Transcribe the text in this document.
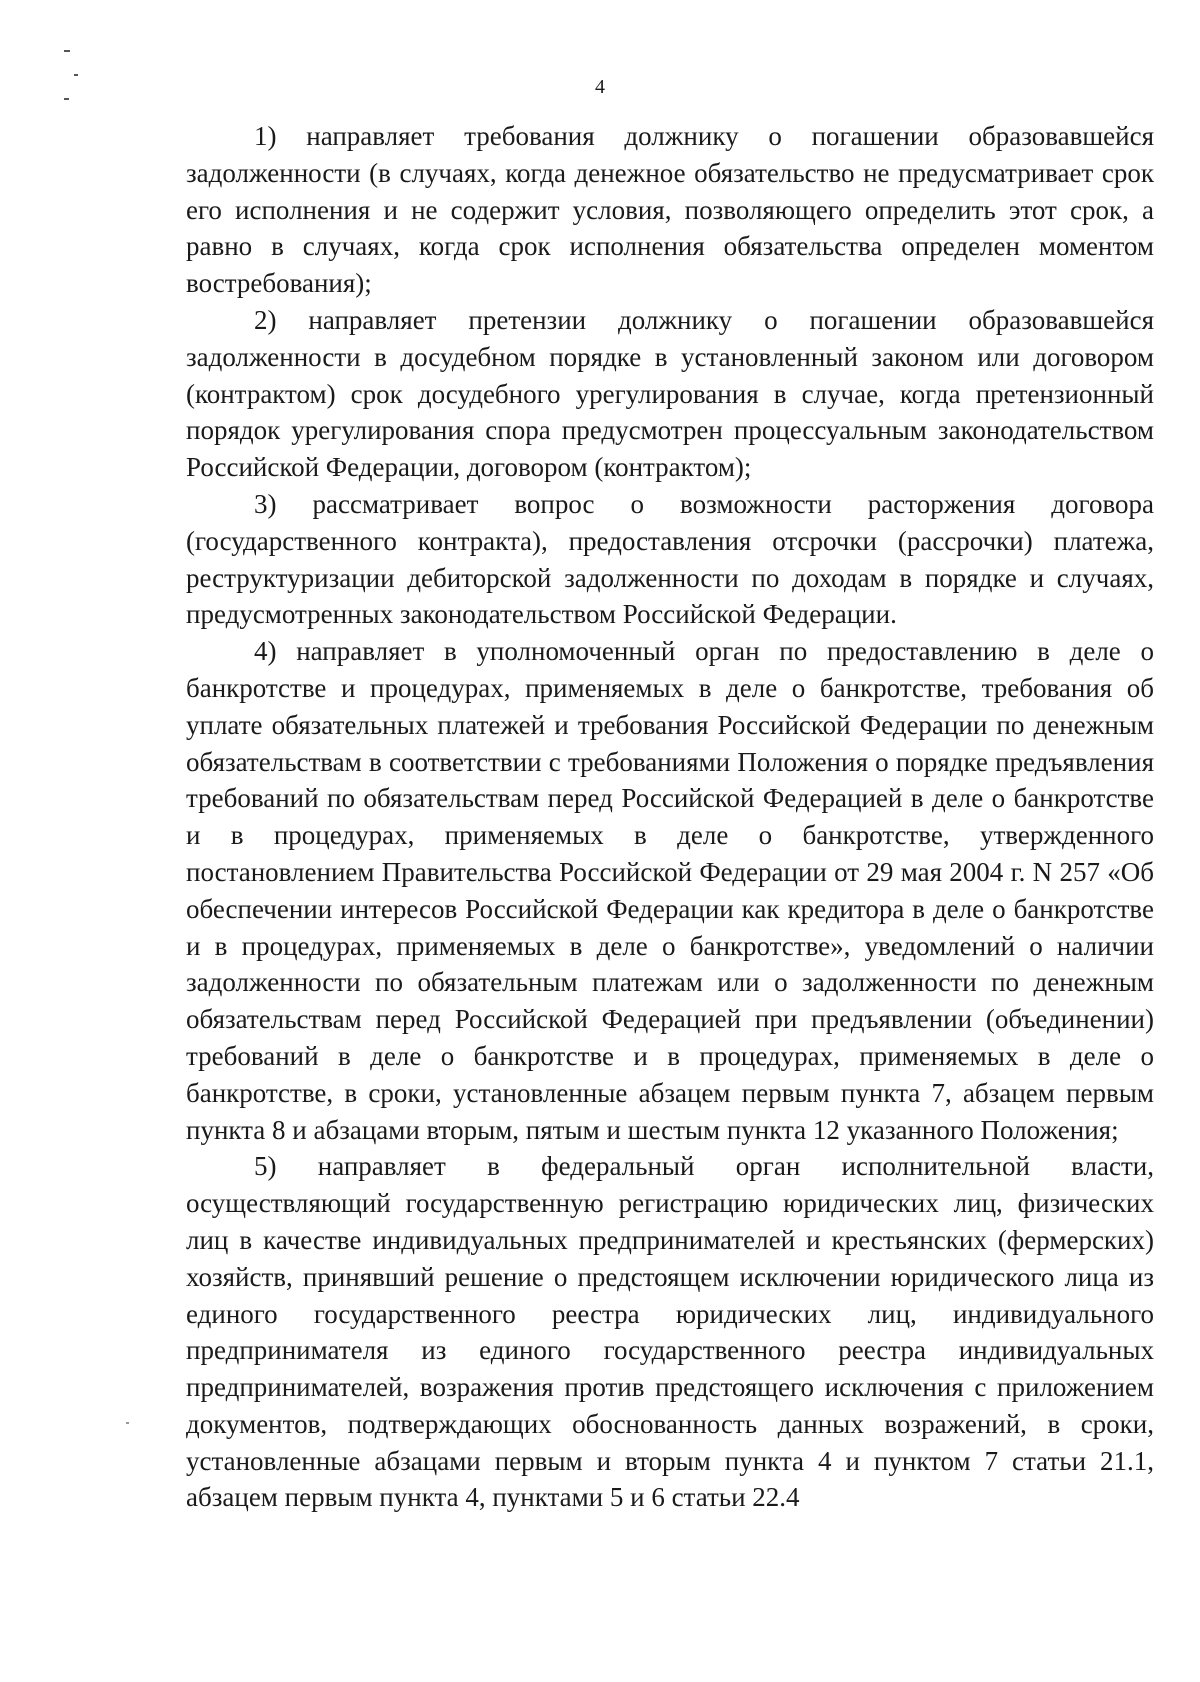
4

1) направляет требования должнику о погашении образовавшейся задолженности (в случаях, когда денежное обязательство не предусматривает срок его исполнения и не содержит условия, позволяющего определить этот срок, а равно в случаях, когда срок исполнения обязательства определен моментом востребования);

2) направляет претензии должнику о погашении образовавшейся задолженности в досудебном порядке в установленный законом или договором (контрактом) срок досудебного урегулирования в случае, когда претензионный порядок урегулирования спора предусмотрен процессуальным законодательством Российской Федерации, договором (контрактом);

3) рассматривает вопрос о возможности расторжения договора (государственного контракта), предоставления отсрочки (рассрочки) платежа, реструктуризации дебиторской задолженности по доходам в порядке и случаях, предусмотренных законодательством Российской Федерации.

4) направляет в уполномоченный орган по предоставлению в деле о банкротстве и процедурах, применяемых в деле о банкротстве, требования об уплате обязательных платежей и требования Российской Федерации по денежным обязательствам в соответствии с требованиями Положения о порядке предъявления требований по обязательствам перед Российской Федерацией в деле о банкротстве и в процедурах, применяемых в деле о банкротстве, утвержденного постановлением Правительства Российской Федерации от 29 мая 2004 г. N 257 «Об обеспечении интересов Российской Федерации как кредитора в деле о банкротстве и в процедурах, применяемых в деле о банкротстве», уведомлений о наличии задолженности по обязательным платежам или о задолженности по денежным обязательствам перед Российской Федерацией при предъявлении (объединении) требований в деле о банкротстве и в процедурах, применяемых в деле о банкротстве, в сроки, установленные абзацем первым пункта 7, абзацем первым пункта 8 и абзацами вторым, пятым и шестым пункта 12 указанного Положения;

5) направляет в федеральный орган исполнительной власти, осуществляющий государственную регистрацию юридических лиц, физических лиц в качестве индивидуальных предпринимателей и крестьянских (фермерских) хозяйств, принявший решение о предстоящем исключении юридического лица из единого государственного реестра юридических лиц, индивидуального предпринимателя из единого государственного реестра индивидуальных предпринимателей, возражения против предстоящего исключения с приложением документов, подтверждающих обоснованность данных возражений, в сроки, установленные абзацами первым и вторым пункта 4 и пунктом 7 статьи 21.1, абзацем первым пункта 4, пунктами 5 и 6 статьи 22.4
